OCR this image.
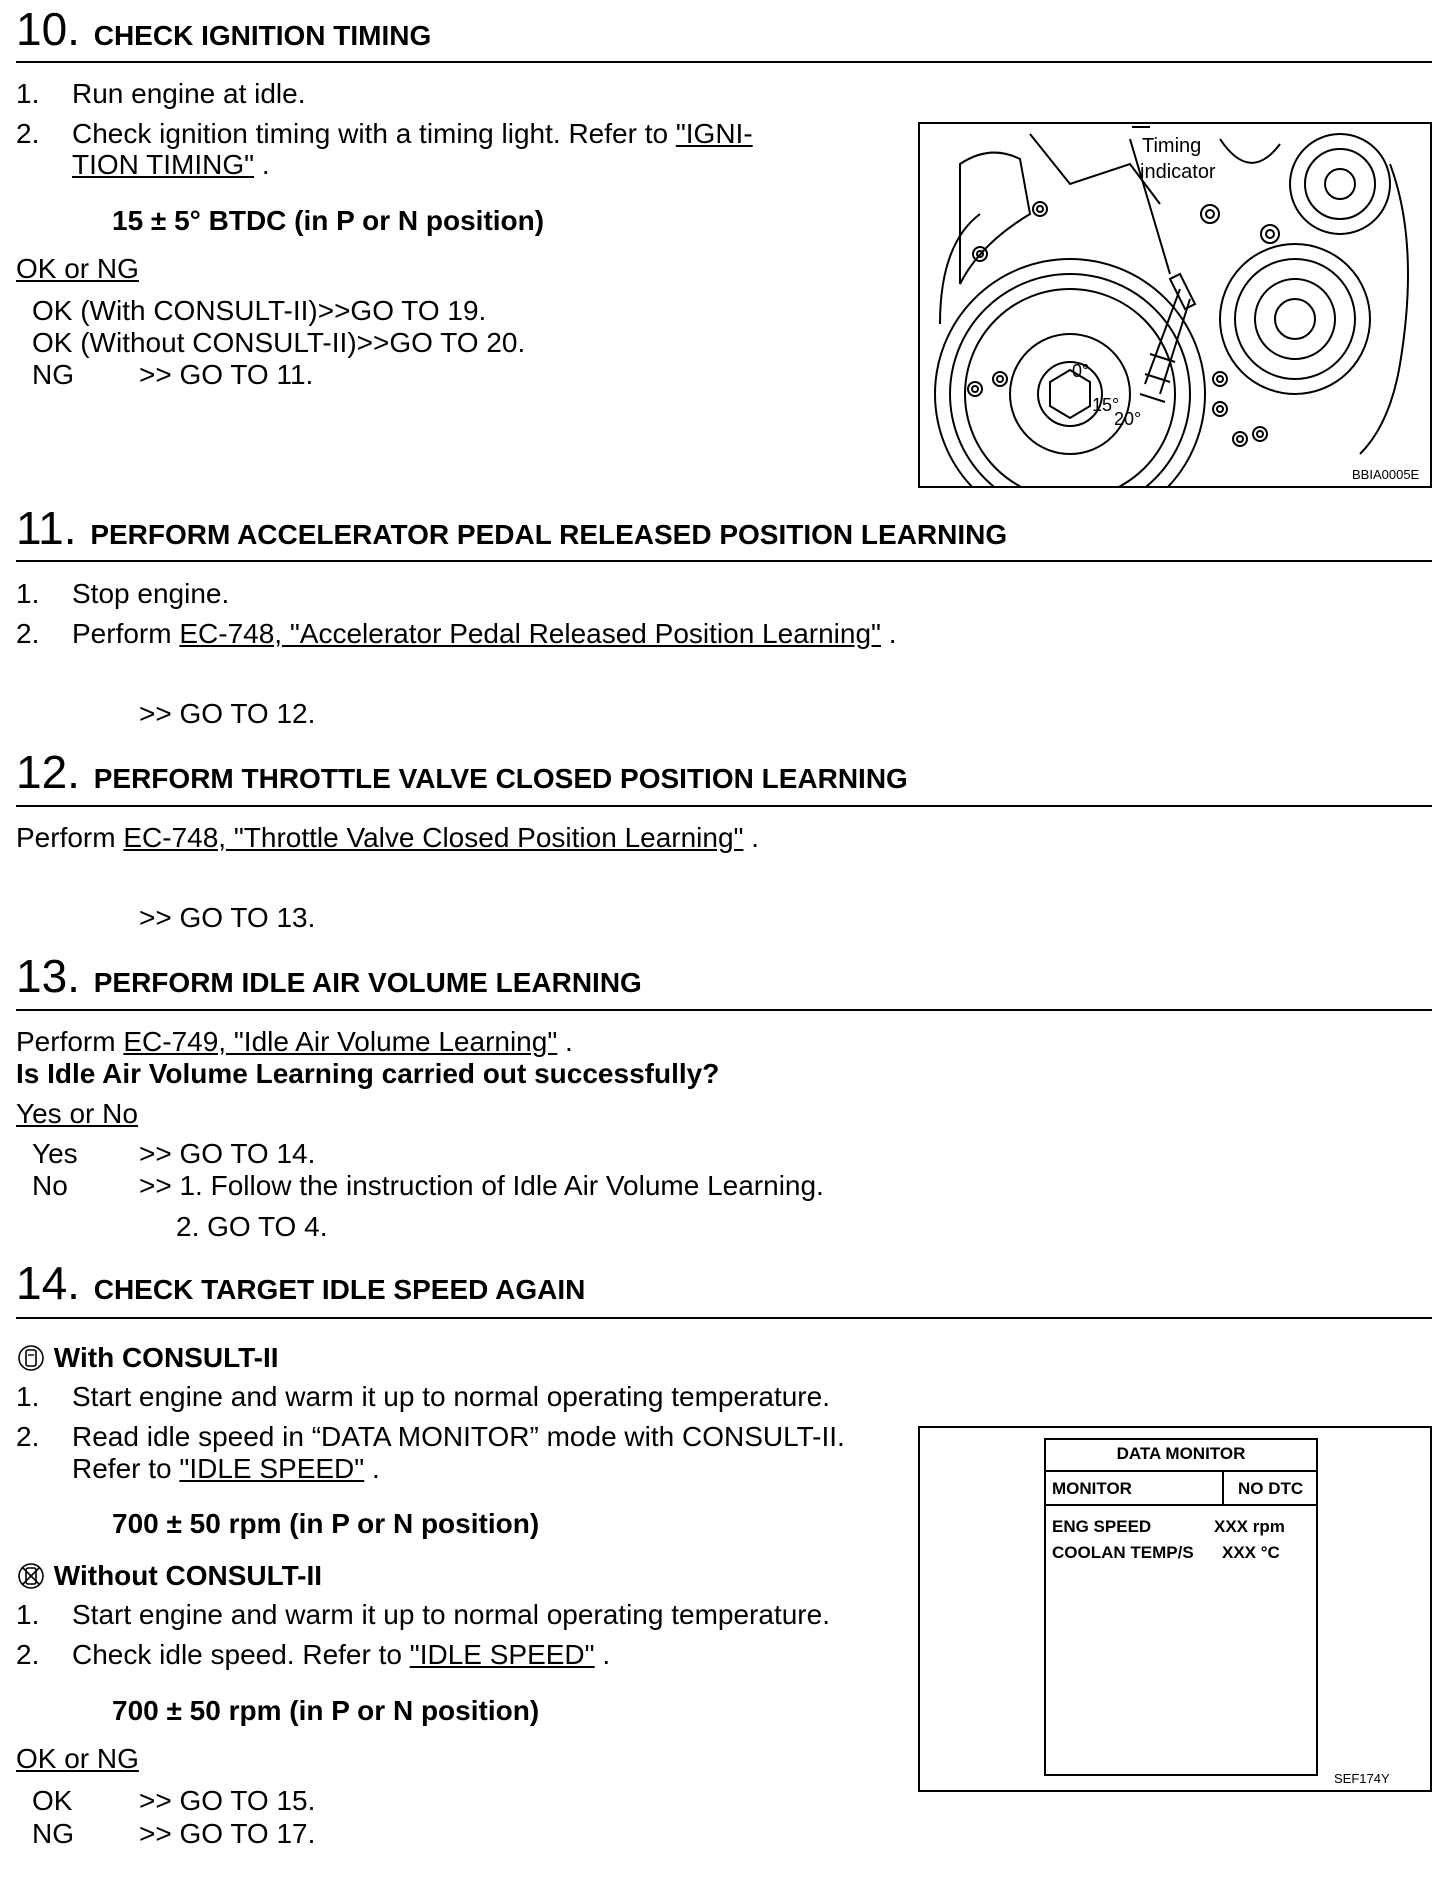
10. CHECK IGNITION TIMING
1. Run engine at idle.
2. Check ignition timing with a timing light. Refer to "IGNI-
TION TIMING" .
15 ± 5° BTDC (in P or N position)
OK or NG
OK (With CONSULT-II)>>GO TO 19.
OK (Without CONSULT-II)>>GO TO 20.
NG >> GO TO 11.
Timing
indicator
0°
15°
20°
BBIA0005E
11. PERFORM ACCELERATOR PEDAL RELEASED POSITION LEARNING
1. Stop engine.
2. Perform EC-748, "Accelerator Pedal Released Position Learning" .
>> GO TO 12.
12. PERFORM THROTTLE VALVE CLOSED POSITION LEARNING
Perform EC-748, "Throttle Valve Closed Position Learning" .
>> GO TO 13.
13. PERFORM IDLE AIR VOLUME LEARNING
Perform EC-749, "Idle Air Volume Learning" .
Is Idle Air Volume Learning carried out successfully?
Yes or No
Yes >> GO TO 14.
No	>> 1. Follow the instruction of Idle Air Volume Learning.
2. GO TO 4.
14. CHECK TARGET IDLE SPEED AGAIN
With CONSULT-II
1. Start engine and warm it up to normal operating temperature.
2. Read idle speed in “DATA MONITOR” mode with CONSULT-II.
Refer to "IDLE SPEED" .
700 ± 50 rpm (in P or N position)
Without CONSULT-II
1. Start engine and warm it up to normal operating temperature.
2. Check idle speed. Refer to "IDLE SPEED" .
700 ± 50 rpm (in P or N position)
OK or NG
OK >> GO TO 15.
NG >> GO TO 17.
DATA MONITOR
MONITOR	NO DTC
ENG SPEED	XXX rpm
COOLAN TEMP/S XXX °C
SEF174Y
